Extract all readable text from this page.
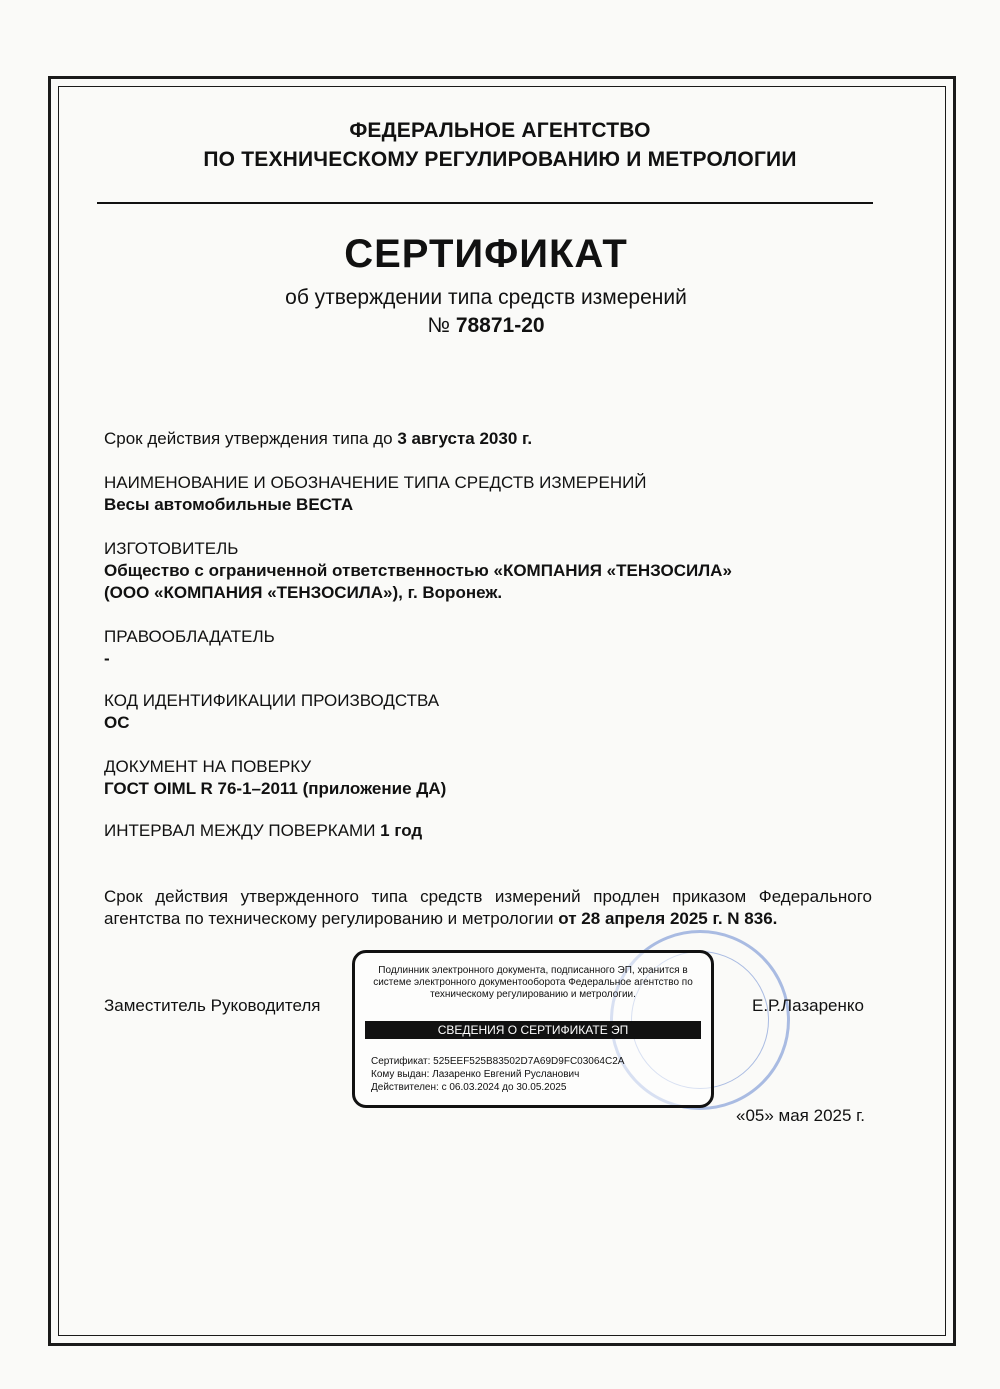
ФЕДЕРАЛЬНОЕ АГЕНТСТВО
ПО ТЕХНИЧЕСКОМУ РЕГУЛИРОВАНИЮ И МЕТРОЛОГИИ
СЕРТИФИКАТ
об утверждении типа средств измерений
№ 78871-20
Срок действия утверждения типа до 3 августа 2030 г.
НАИМЕНОВАНИЕ И ОБОЗНАЧЕНИЕ ТИПА СРЕДСТВ ИЗМЕРЕНИЙ
Весы автомобильные ВЕСТА
ИЗГОТОВИТЕЛЬ
Общество с ограниченной ответственностью «КОМПАНИЯ «ТЕНЗОСИЛА»
(ООО «КОМПАНИЯ «ТЕНЗОСИЛА»), г. Воронеж.
ПРАВООБЛАДАТЕЛЬ
-
КОД ИДЕНТИФИКАЦИИ ПРОИЗВОДСТВА
ОС
ДОКУМЕНТ НА ПОВЕРКУ
ГОСТ OIML R 76-1–2011 (приложение ДА)
ИНТЕРВАЛ МЕЖДУ ПОВЕРКАМИ 1 год
Срок действия утвержденного типа средств измерений продлен приказом Федерального агентства по техническому регулированию и метрологии от 28 апреля 2025 г. N 836.
Заместитель Руководителя
Подлинник электронного документа, подписанного ЭП, хранится в системе электронного документооборота Федеральное агентство по техническому регулированию и метрологии.
СВЕДЕНИЯ О СЕРТИФИКАТЕ ЭП
Сертификат: 525EEF525B83502D7A69D9FC03064C2A
Кому выдан: Лазаренко Евгений Русланович
Действителен: с 06.03.2024 до 30.05.2025
Е.Р.Лазаренко
«05» мая 2025 г.
